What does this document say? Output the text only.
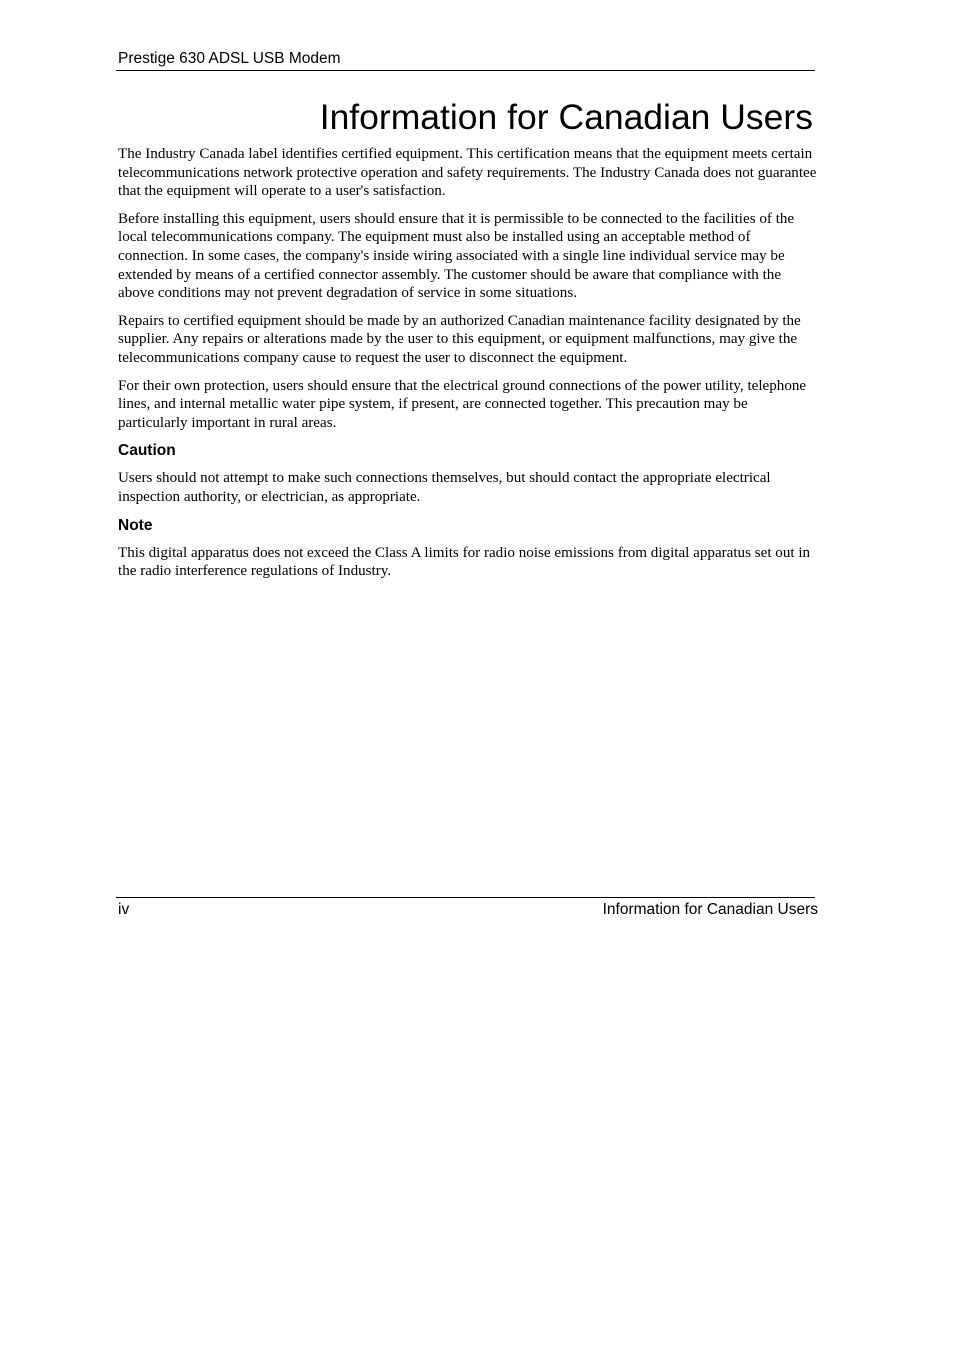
Prestige 630 ADSL USB Modem
Information for Canadian Users

The Industry Canada label identifies certified equipment. This certification means that the equipment meets certain telecommunications network protective operation and safety requirements. The Industry Canada does not guarantee that the equipment will operate to a user's satisfaction.

Before installing this equipment, users should ensure that it is permissible to be connected to the facilities of the local telecommunications company. The equipment must also be installed using an acceptable method of connection. In some cases, the company's inside wiring associated with a single line individual service may be extended by means of a certified connector assembly. The customer should be aware that compliance with the above conditions may not prevent degradation of service in some situations.

Repairs to certified equipment should be made by an authorized Canadian maintenance facility designated by the supplier. Any repairs or alterations made by the user to this equipment, or equipment malfunctions, may give the telecommunications company cause to request the user to disconnect the equipment.

For their own protection, users should ensure that the electrical ground connections of the power utility, telephone lines, and internal metallic water pipe system, if present, are connected together. This precaution may be particularly important in rural areas.

Caution

Users should not attempt to make such connections themselves, but should contact the appropriate electrical inspection authority, or electrician, as appropriate.

Note

This digital apparatus does not exceed the Class A limits for radio noise emissions from digital apparatus set out in the radio interference regulations of Industry.

iv	Information for Canadian Users
